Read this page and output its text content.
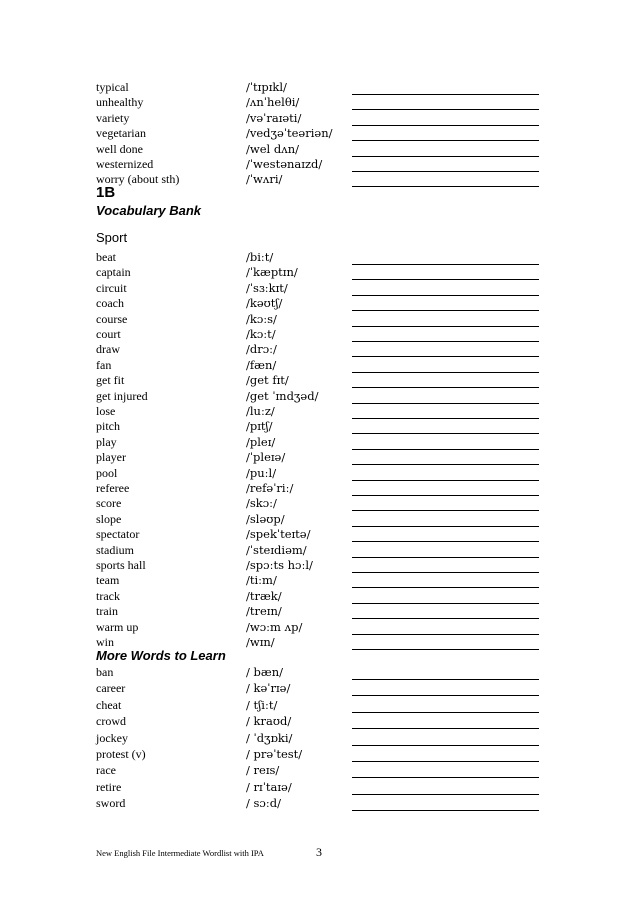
typical	/ˈtɪpɪkl/
unhealthy	/ʌnˈhelθi/
variety	/vəˈraɪəti/
vegetarian	/vedʒəˈteəriən/
well done	/wel dʌn/
westernized	/ˈwestənaɪzd/
worry (about sth)	/ˈwʌri/
1B
Vocabulary Bank
Sport
beat	/biːt/
captain	/ˈkæptɪn/
circuit	/ˈsɜːkɪt/
coach	/kəʊtʃ/
course	/kɔːs/
court	/kɔːt/
draw	/drɔː/
fan	/fæn/
get fit	/get fɪt/
get injured	/get ˈɪndʒəd/
lose	/luːz/
pitch	/pɪtʃ/
play	/pleɪ/
player	/ˈpleɪə/
pool	/puːl/
referee	/refəˈriː/
score	/skɔː/
slope	/sləʊp/
spectator	/spekˈteɪtə/
stadium	/ˈsteɪdiəm/
sports hall	/spɔːts hɔːl/
team	/tiːm/
track	/træk/
train	/treɪn/
warm up	/wɔːm ʌp/
win	/wɪn/
More Words to Learn
ban	/ bæn/
career	/ kəˈrɪə/
cheat	/ tʃiːt/
crowd	/ kraʊd/
jockey	/ ˈdʒɒki/
protest (v)	/ prəˈtest/
race	/ reɪs/
retire	/ rɪˈtaɪə/
sword	/ sɔːd/
New English File Intermediate Wordlist with IPA	3
